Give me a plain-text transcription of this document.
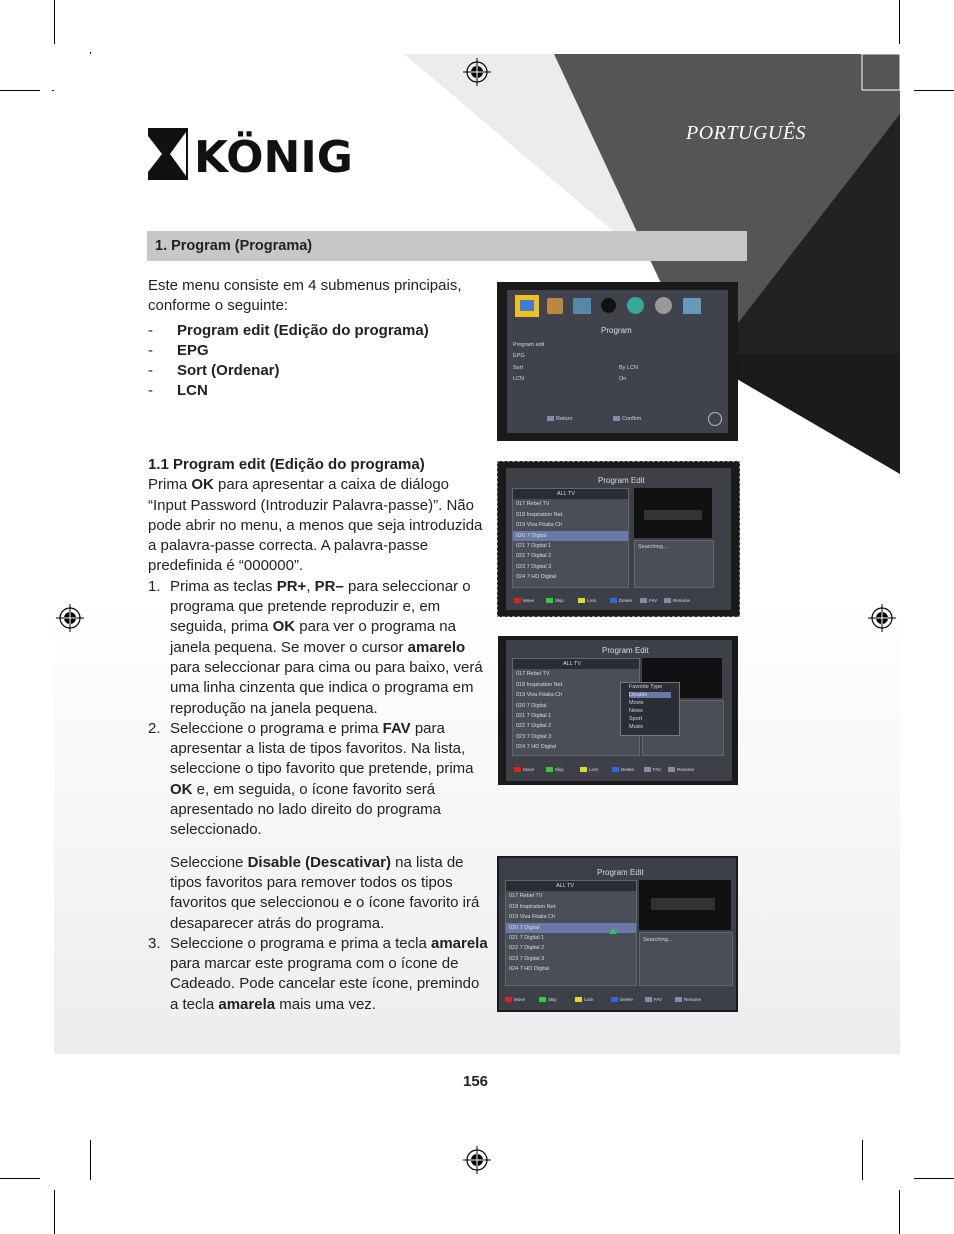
KÖNIG	PORTUGUÊS
1. Program (Programa)
Este menu consiste em 4 submenus principais, conforme o seguinte:
- Program edit (Edição do programa)
- EPG
- Sort (Ordenar)
- LCN
1.1 Program edit (Edição do programa)
Prima OK para apresentar a caixa de diálogo “Input Password (Introduzir Palavra-passe)”. Não pode abrir no menu, a menos que seja introduzida a palavra-passe correcta. A palavra-passe predefinida é “000000”.
1. Prima as teclas PR+, PR– para seleccionar o programa que pretende reproduzir e, em seguida, prima OK para ver o programa na janela pequena. Se mover o cursor amarelo para seleccionar para cima ou para baixo, verá uma linha cinzenta que indica o programa em reprodução na janela pequena.
2. Seleccione o programa e prima FAV para apresentar a lista de tipos favoritos. Na lista, seleccione o tipo favorito que pretende, prima OK e, em seguida, o ícone favorito será apresentado no lado direito do programa seleccionado.
Seleccione Disable (Descativar) na lista de tipos favoritos para remover todos os tipos favoritos que seleccionou e o ícone favorito irá desaparecer atrás do programa.
3. Seleccione o programa e prima a tecla amarela para marcar este programa com o ícone de Cadeado. Pode cancelar este ícone, premindo a tecla amarela mais uma vez.
Program
Program edit
EPG
Sort	By LCN
LCN	On
Return	Confirm
Program Edit
ALL TV
017 Rebel TV
018 Inspiration Net.
019 Viva Fitalia Ch
020 7 Digital
021 7 Digital 1
022 7 Digital 2
023 7 Digital 3
024 7 HD Digital
Searching...
Move	Skip	Lock	Delete	FAV	Rename
Program Edit
ALL TV
017 Rebel TV
018 Inspiration Net.
019 Viva Fitalia Ch
020 7 Digital
021 7 Digital 1
022 7 Digital 2
023 7 Digital 3
024 7 HD Digital
Favorite Type
Disable
Movie
News
Sport
Music
Move	Skip	Lock	Delete	FAV	Rename
Program Edit
ALL TV
017 Rebel TV
018 Inspiration Net.
019 Viva Fitalia Ch
020 7 Digital
021 7 Digital 1
022 7 Digital 2
023 7 Digital 3
024 7 HD Digital
Searching...
Move	Skip	Lock	Delete	FAV	Rename
156
